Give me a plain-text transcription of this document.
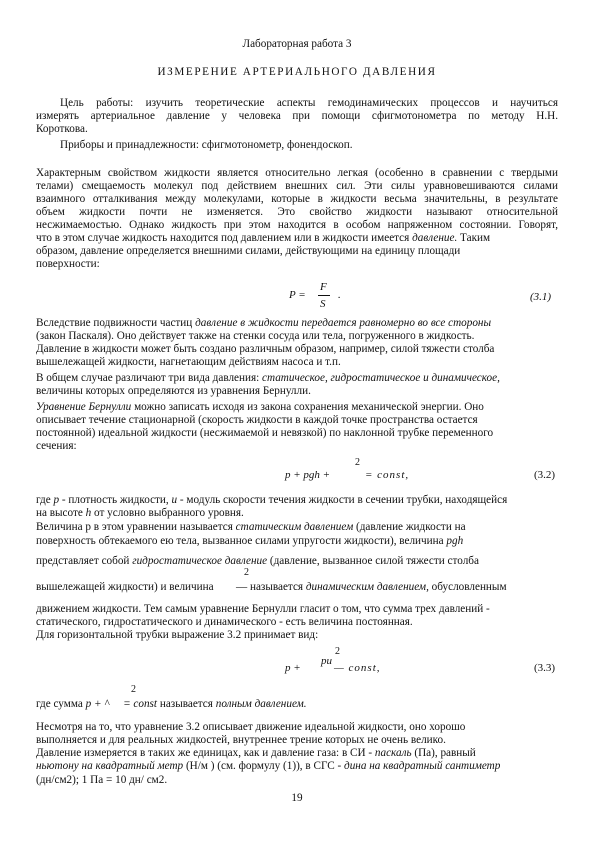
Лабораторная работа 3
ИЗМЕРЕНИЕ АРТЕРИАЛЬНОГО ДАВЛЕНИЯ
Цель работы: изучить теоретические аспекты гемодинамических процессов и научиться
измерять артериальное давление у человека при помощи сфигмотонометра по методу Н.Н.
Короткова.
Приборы и принадлежности: сфигмотонометр, фонендоскоп.
Характерным свойством жидкости является относительно легкая (особенно в сравнении с твердыми
телами) смещаемость молекул под действием внешних сил. Эти силы уравновешиваются силами
взаимного отталкивания между молекулами, которые в жидкости весьма значительны, в результате
объем жидкости почти не изменяется. Это свойство жидкости называют относительной
несжимаемостью. Однако жидкость при этом находится в особом напряженном состоянии. Говорят,
что в этом случае жидкость находится под давлением или в жидкости имеется давление. Таким
образом, давление определяется внешними силами, действующими на единицу площади
поверхности:
P =
F
S
.	(3.1)
Вследствие подвижности частиц давление в жидкости передается равномерно во все стороны
(закон Паскаля). Оно действует также на стенки сосуда или тела, погруженного в жидкость.
Давление в жидкости может быть создано различным образом, например, силой тяжести столба
вышележащей жидкости, нагнетающим действиям насоса и т.п.
В общем случае различают три вида давления: статическое, гидростатическое и динамическое,
величины которых определяются из уравнения Бернулли.
Уравнение Бернулли можно записать исходя из закона сохранения механической энергии. Оно
описывает течение стационарной (скорость жидкости в каждой точке пространства остается
постоянной) идеальной жидкости (несжимаемой и невязкой) по наклонной трубке переменного
сечения:
2
p + pgh +	= const,	(3.2)
где p - плотность жидкости, u - модуль скорости течения жидкости в сечении трубки, находящейся
на высоте h от условно выбранного уровня.
Величина р в этом уравнении называется статическим давлением (давление жидкости на
поверхность обтекаемого ею тела, вызванное силами упругости жидкости), величина pgh
представляет собой гидростатическое давление (давление, вызванное силой тяжести столба
2
вышележащей жидкости) и величина — называется динамическим давлением, обусловленным
движением жидкости. Тем самым уравнение Бернулли гласит о том, что сумма трех давлений -
статического, гидростатического и динамического - есть величина постоянная.
Для горизонтальной трубки выражение 3.2 принимает вид:
2
pu
p +	— const,	(3.3)
2
где сумма p + ^ = const называется полным давлением.
Несмотря на то, что уравнение 3.2 описывает движение идеальной жидкости, оно хорошо
выполняется и для реальных жидкостей, внутреннее трение которых не очень велико.
Давление измеряется в таких же единицах, как и давление газа: в СИ - паскаль (Па), равный
ньютону на квадратный метр (Н/м ) (см. формулу (1)), в СГС - дина на квадратный сантиметр
(дн/см2); 1 Па = 10 дн/ см2.
19
